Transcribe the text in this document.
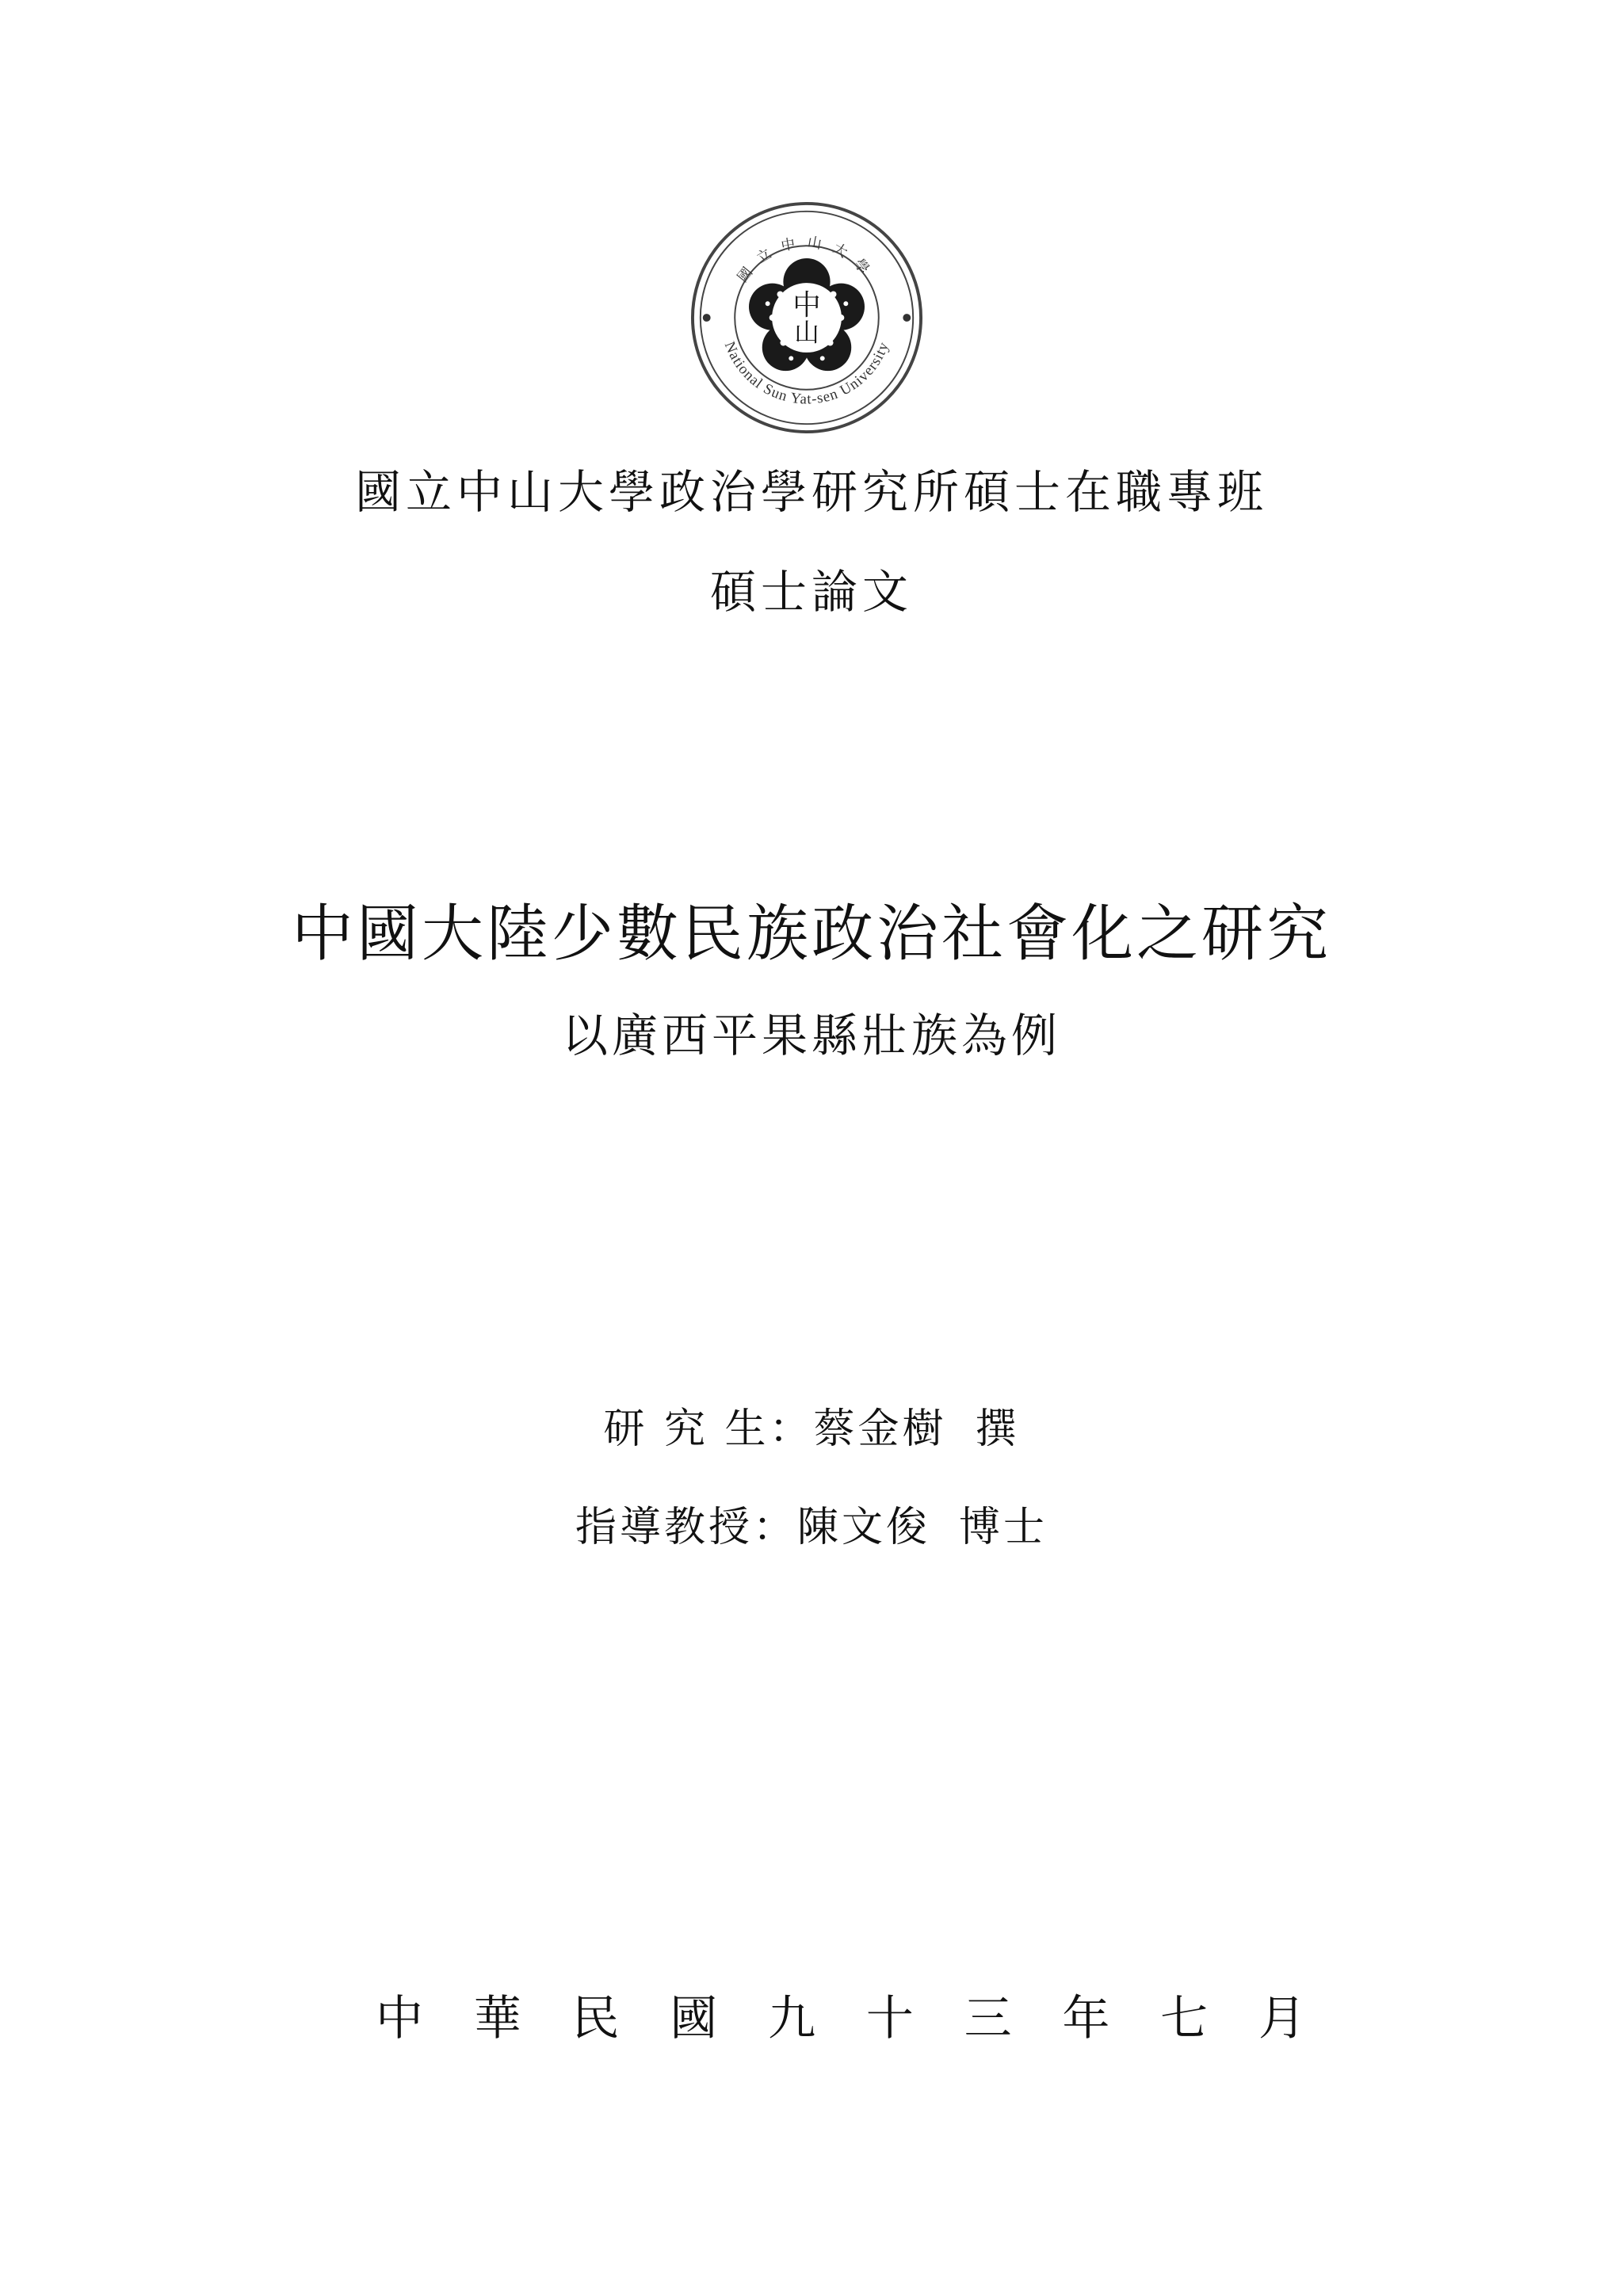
國立中山大學
National Sun Yat-sen University
中
山
國立中山大學政治學研究所碩士在職專班
碩士論文
中國大陸少數民族政治社會化之研究
以廣西平果縣壯族為例
研 究 生：蔡金樹 撰
指導教授：陳文俊 博士
中 華 民 國 九 十 三 年 七 月
